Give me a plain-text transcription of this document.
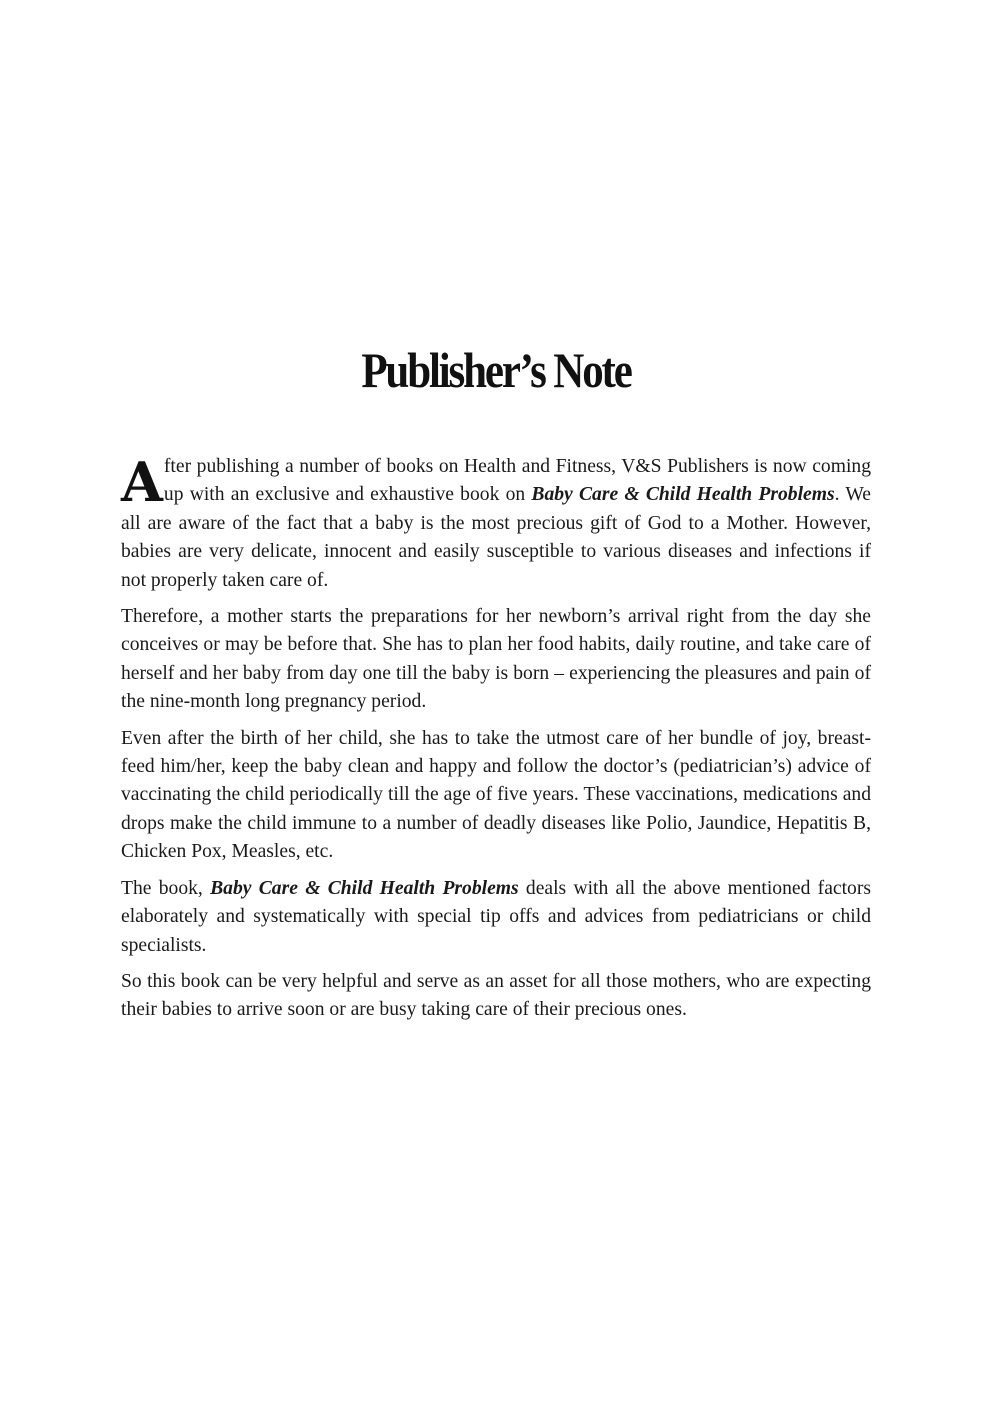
Publisher’s Note

After publishing a number of books on Health and Fitness, V&S Publishers is now coming up with an exclusive and exhaustive book on Baby Care & Child Health Problems. We all are aware of the fact that a baby is the most precious gift of God to a Mother. However, babies are very delicate, innocent and easily susceptible to various diseases and infections if not properly taken care of.

Therefore, a mother starts the preparations for her newborn’s arrival right from the day she conceives or may be before that. She has to plan her food habits, daily routine, and take care of herself and her baby from day one till the baby is born – experiencing the pleasures and pain of the nine-month long pregnancy period.

Even after the birth of her child, she has to take the utmost care of her bundle of joy, breast-feed him/her, keep the baby clean and happy and follow the doctor’s (pediatrician’s) advice of vaccinating the child periodically till the age of five years. These vaccinations, medications and drops make the child immune to a number of deadly diseases like Polio, Jaundice, Hepatitis B, Chicken Pox, Measles, etc.

The book, Baby Care & Child Health Problems deals with all the above mentioned factors elaborately and systematically with special tip offs and advices from pediatricians or child specialists.

So this book can be very helpful and serve as an asset for all those mothers, who are expecting their babies to arrive soon or are busy taking care of their precious ones.
